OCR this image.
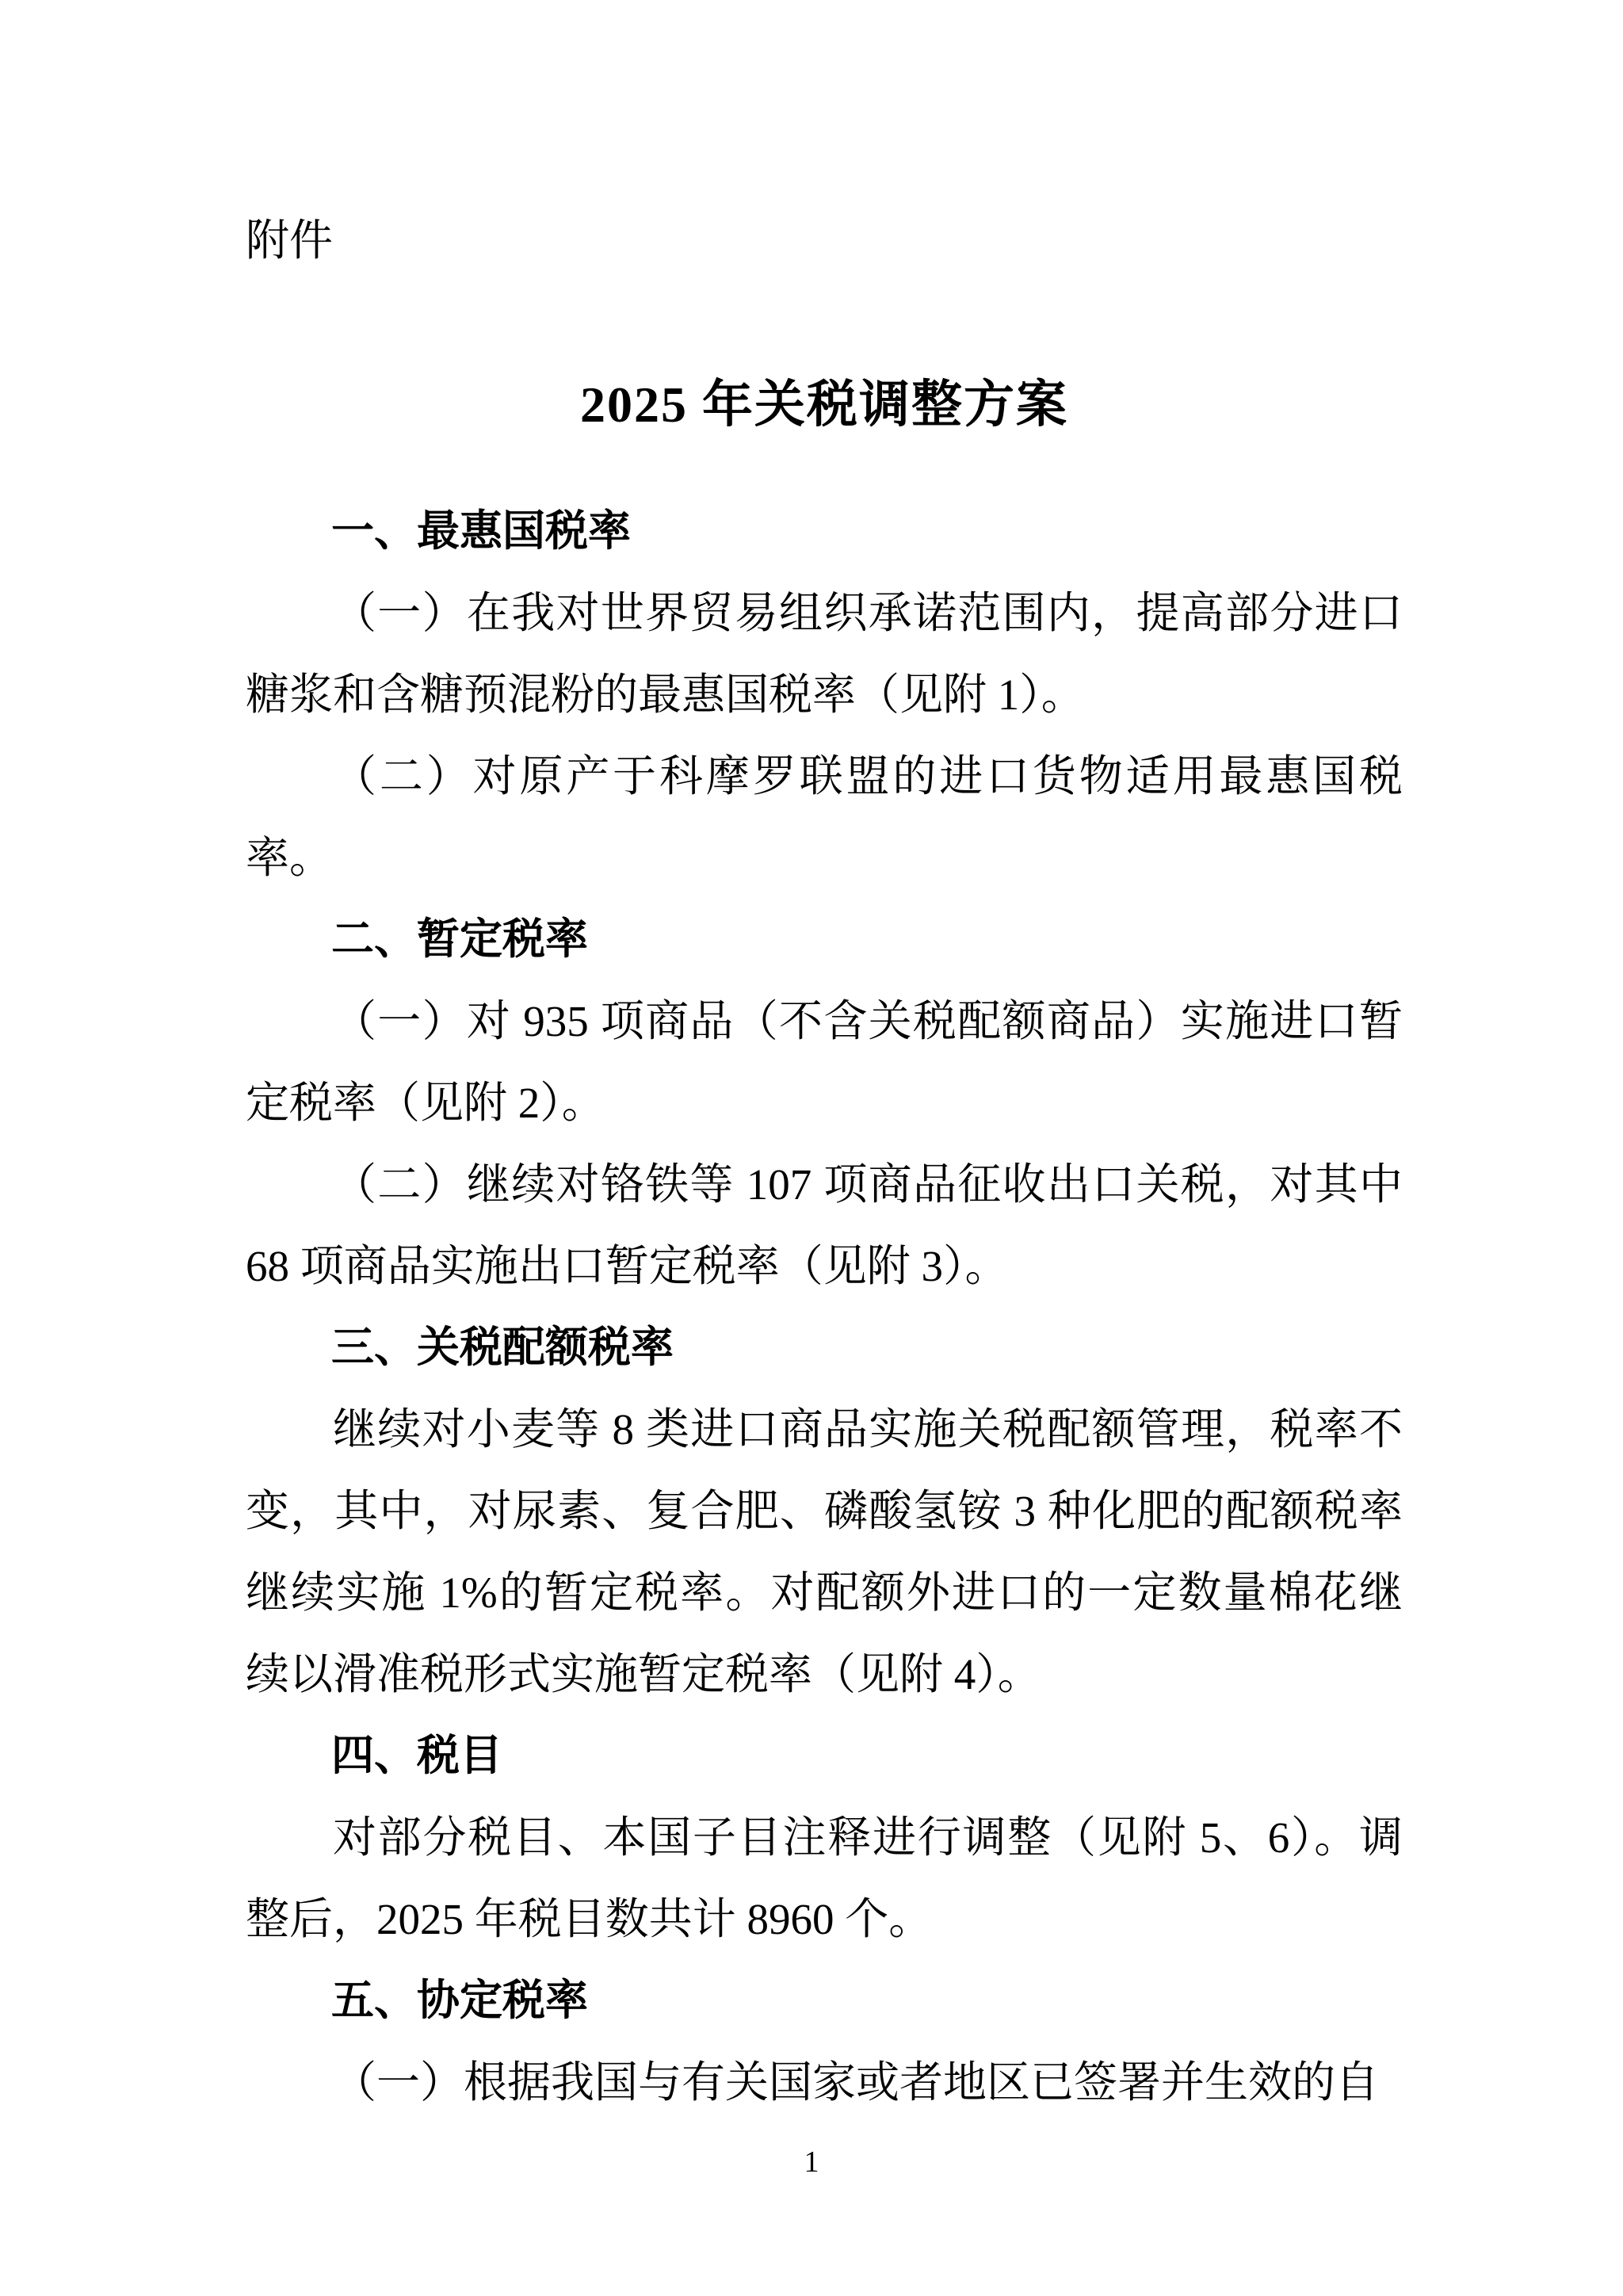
附件
2025 年关税调整方案
一、最惠国税率

（一）在我对世界贸易组织承诺范围内，提高部分进口糖浆和含糖预混粉的最惠国税率（见附 1）。

（二）对原产于科摩罗联盟的进口货物适用最惠国税率。

二、暂定税率

（一）对 935 项商品（不含关税配额商品）实施进口暂定税率（见附 2）。

（二）继续对铬铁等 107 项商品征收出口关税，对其中 68 项商品实施出口暂定税率（见附 3）。

三、关税配额税率

继续对小麦等 8 类进口商品实施关税配额管理，税率不变，其中，对尿素、复合肥、磷酸氢铵 3 种化肥的配额税率继续实施 1%的暂定税率。对配额外进口的一定数量棉花继续以滑准税形式实施暂定税率（见附 4）。

四、税目

对部分税目、本国子目注释进行调整（见附 5、6）。调整后，2025 年税目数共计 8960 个。

五、协定税率

（一）根据我国与有关国家或者地区已签署并生效的自

1
